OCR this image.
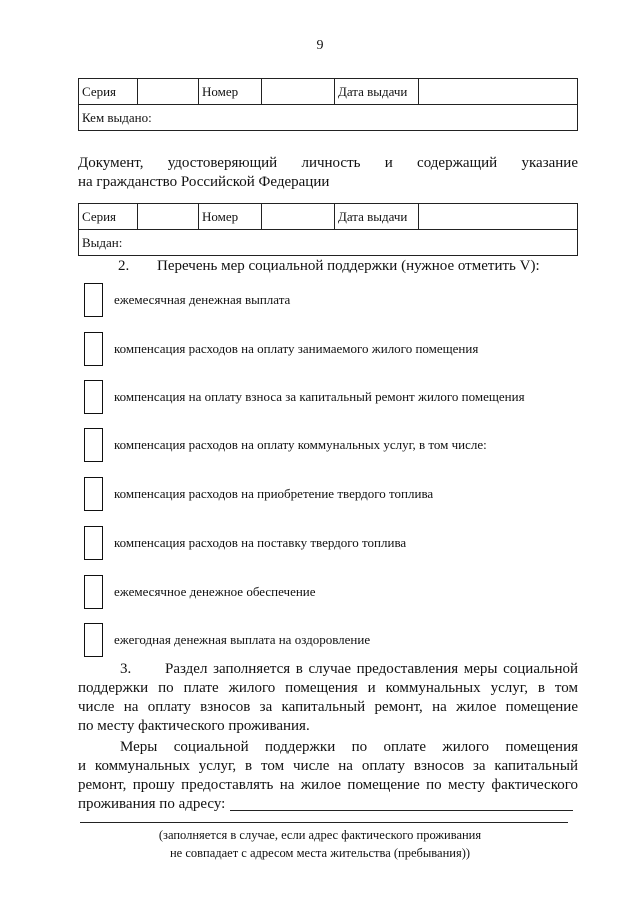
9
Серия		Номер		Дата выдачи	
Кем выдано:
Документ, удостоверяющий личность и содержащий указание
на гражданство Российской Федерации
Серия		Номер		Дата выдачи	
Выдан:
2. Перечень мер социальной поддержки (нужное отметить V):
ежемесячная денежная выплата
компенсация расходов на оплату занимаемого жилого помещения
компенсация на оплату взноса за капитальный ремонт жилого помещения
компенсация расходов на оплату коммунальных услуг, в том числе:
компенсация расходов на приобретение твердого топлива
компенсация расходов на поставку твердого топлива
ежемесячное денежное обеспечение
ежегодная денежная выплата на оздоровление
3. Раздел заполняется в случае предоставления меры социальной
поддержки по плате жилого помещения и коммунальных услуг, в том
числе на оплату взносов за капитальный ремонт, на жилое помещение
по месту фактического проживания.
Меры социальной поддержки по оплате жилого помещения
и коммунальных услуг, в том числе на оплату взносов за капитальный
ремонт, прошу предоставлять на жилое помещение по месту фактического
проживания по адресу:
(заполняется в случае, если адрес фактического проживания
не совпадает с адресом места жительства (пребывания))
